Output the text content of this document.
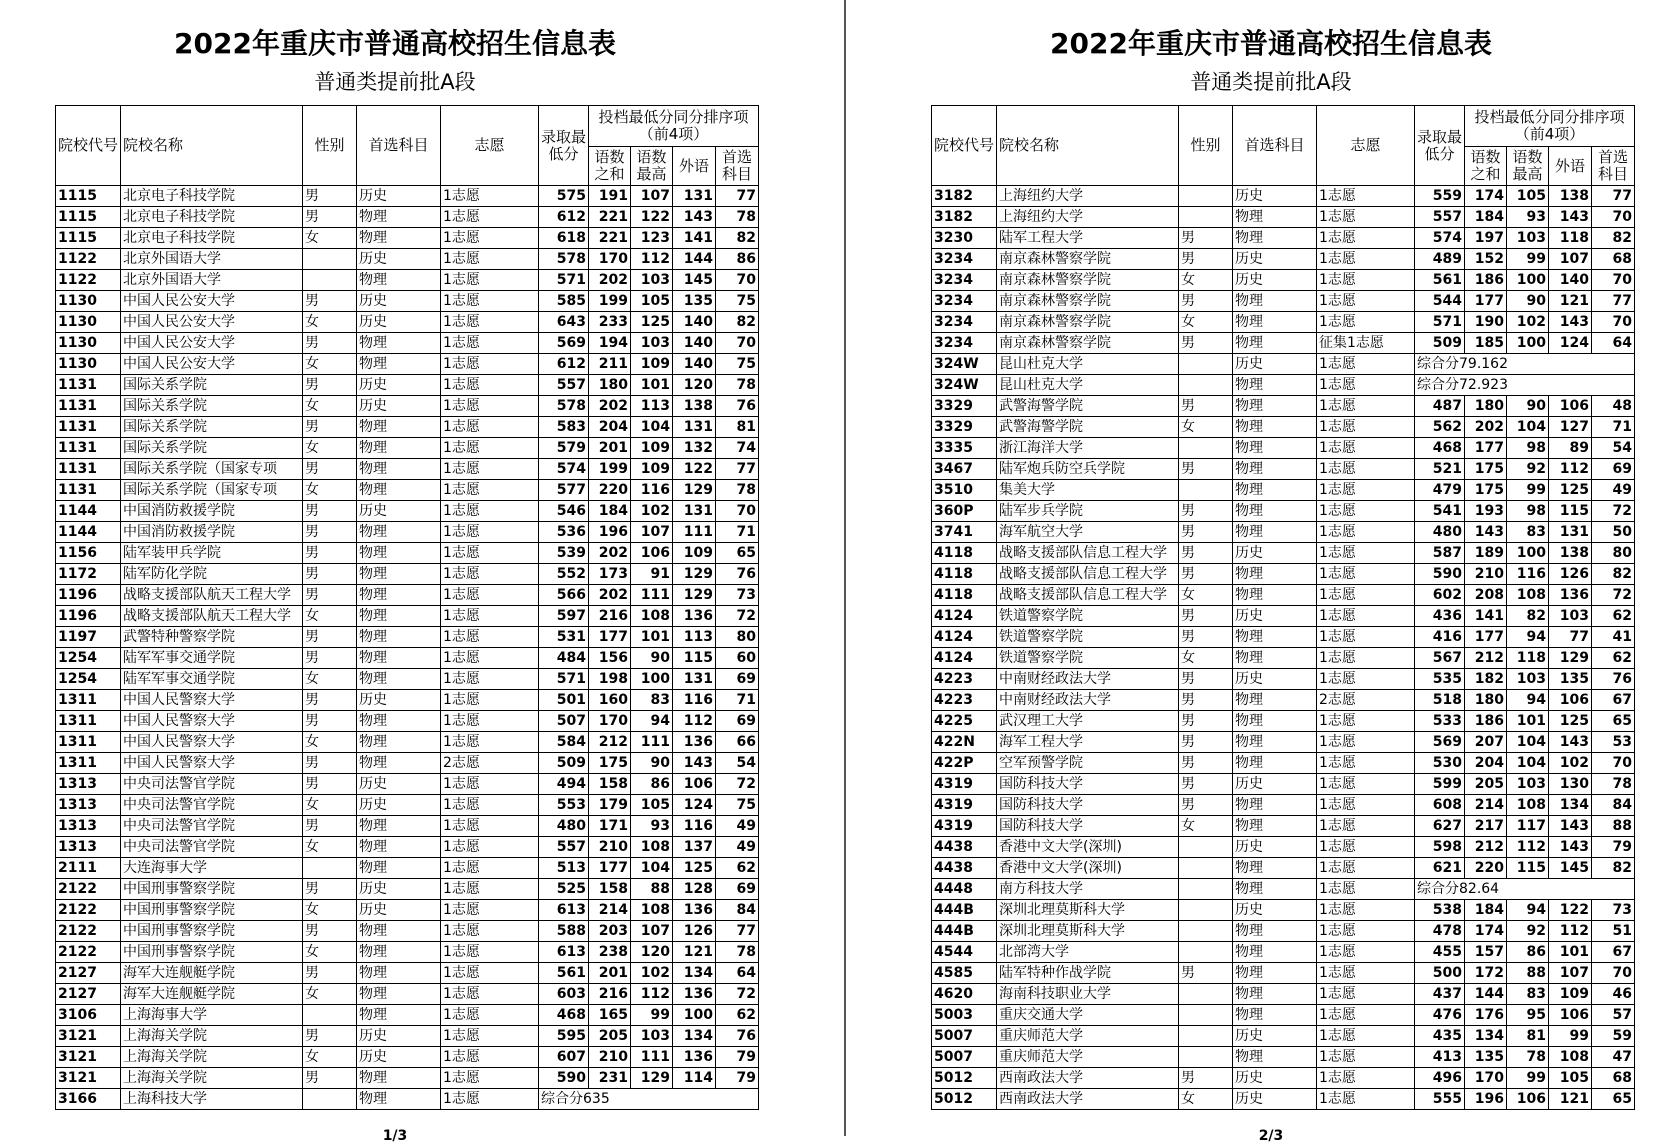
2022年重庆市普通高校招生信息表
普通类提前批A段
院校代号	院校名称	性别	首选科目	志愿	录取最低分	投档最低分同分排序项（前4项）			
						语数之和	语数最高	外语	首选科目
1115	北京电子科技学院	男	历史	1志愿	575	191	107	131	77
1115	北京电子科技学院	男	物理	1志愿	612	221	122	143	78
1115	北京电子科技学院	女	物理	1志愿	618	221	123	141	82
1122	北京外国语大学		历史	1志愿	578	170	112	144	86
1122	北京外国语大学		物理	1志愿	571	202	103	145	70
1130	中国人民公安大学	男	历史	1志愿	585	199	105	135	75
1130	中国人民公安大学	女	历史	1志愿	643	233	125	140	82
1130	中国人民公安大学	男	物理	1志愿	569	194	103	140	70
1130	中国人民公安大学	女	物理	1志愿	612	211	109	140	75
1131	国际关系学院	男	历史	1志愿	557	180	101	120	78
1131	国际关系学院	女	历史	1志愿	578	202	113	138	76
1131	国际关系学院	男	物理	1志愿	583	204	104	131	81
1131	国际关系学院	女	物理	1志愿	579	201	109	132	74
1131	国际关系学院（国家专项	男	物理	1志愿	574	199	109	122	77
1131	国际关系学院（国家专项	女	物理	1志愿	577	220	116	129	78
1144	中国消防救援学院	男	历史	1志愿	546	184	102	131	70
1144	中国消防救援学院	男	物理	1志愿	536	196	107	111	71
1156	陆军装甲兵学院	男	物理	1志愿	539	202	106	109	65
1172	陆军防化学院	男	物理	1志愿	552	173	91	129	76
1196	战略支援部队航天工程大学	男	物理	1志愿	566	202	111	129	73
1196	战略支援部队航天工程大学	女	物理	1志愿	597	216	108	136	72
1197	武警特种警察学院	男	物理	1志愿	531	177	101	113	80
1254	陆军军事交通学院	男	物理	1志愿	484	156	90	115	60
1254	陆军军事交通学院	女	物理	1志愿	571	198	100	131	69
1311	中国人民警察大学	男	历史	1志愿	501	160	83	116	71
1311	中国人民警察大学	男	物理	1志愿	507	170	94	112	69
1311	中国人民警察大学	女	物理	1志愿	584	212	111	136	66
1311	中国人民警察大学	男	物理	2志愿	509	175	90	143	54
1313	中央司法警官学院	男	历史	1志愿	494	158	86	106	72
1313	中央司法警官学院	女	历史	1志愿	553	179	105	124	75
1313	中央司法警官学院	男	物理	1志愿	480	171	93	116	49
1313	中央司法警官学院	女	物理	1志愿	557	210	108	137	49
2111	大连海事大学		物理	1志愿	513	177	104	125	62
2122	中国刑事警察学院	男	历史	1志愿	525	158	88	128	69
2122	中国刑事警察学院	女	历史	1志愿	613	214	108	136	84
2122	中国刑事警察学院	男	物理	1志愿	588	203	107	126	77
2122	中国刑事警察学院	女	物理	1志愿	613	238	120	121	78
2127	海军大连舰艇学院	男	物理	1志愿	561	201	102	134	64
2127	海军大连舰艇学院	女	物理	1志愿	603	216	112	136	72
3106	上海海事大学		物理	1志愿	468	165	99	100	62
3121	上海海关学院	男	历史	1志愿	595	205	103	134	76
3121	上海海关学院	女	历史	1志愿	607	210	111	136	79
3121	上海海关学院	男	物理	1志愿	590	231	129	114	79
3166	上海科技大学		物理	1志愿	综合分635				
1/3
2022年重庆市普通高校招生信息表
普通类提前批A段
院校代号	院校名称	性别	首选科目	志愿	录取最低分	投档最低分同分排序项（前4项）			
						语数之和	语数最高	外语	首选科目
3182	上海纽约大学		历史	1志愿	559	174	105	138	77
3182	上海纽约大学		物理	1志愿	557	184	93	143	70
3230	陆军工程大学	男	物理	1志愿	574	197	103	118	82
3234	南京森林警察学院	男	历史	1志愿	489	152	99	107	68
3234	南京森林警察学院	女	历史	1志愿	561	186	100	140	70
3234	南京森林警察学院	男	物理	1志愿	544	177	90	121	77
3234	南京森林警察学院	女	物理	1志愿	571	190	102	143	70
3234	南京森林警察学院	男	物理	征集1志愿	509	185	100	124	64
324W	昆山杜克大学		历史	1志愿	综合分79.162				
324W	昆山杜克大学		物理	1志愿	综合分72.923				
3329	武警海警学院	男	物理	1志愿	487	180	90	106	48
3329	武警海警学院	女	物理	1志愿	562	202	104	127	71
3335	浙江海洋大学		物理	1志愿	468	177	98	89	54
3467	陆军炮兵防空兵学院	男	物理	1志愿	521	175	92	112	69
3510	集美大学		物理	1志愿	479	175	99	125	49
360P	陆军步兵学院	男	物理	1志愿	541	193	98	115	72
3741	海军航空大学	男	物理	1志愿	480	143	83	131	50
4118	战略支援部队信息工程大学	男	历史	1志愿	587	189	100	138	80
4118	战略支援部队信息工程大学	男	物理	1志愿	590	210	116	126	82
4118	战略支援部队信息工程大学	女	物理	1志愿	602	208	108	136	72
4124	铁道警察学院	男	历史	1志愿	436	141	82	103	62
4124	铁道警察学院	男	物理	1志愿	416	177	94	77	41
4124	铁道警察学院	女	物理	1志愿	567	212	118	129	62
4223	中南财经政法大学	男	历史	1志愿	535	182	103	135	76
4223	中南财经政法大学	男	物理	2志愿	518	180	94	106	67
4225	武汉理工大学	男	物理	1志愿	533	186	101	125	65
422N	海军工程大学	男	物理	1志愿	569	207	104	143	53
422P	空军预警学院	男	物理	1志愿	530	204	104	102	70
4319	国防科技大学	男	历史	1志愿	599	205	103	130	78
4319	国防科技大学	男	物理	1志愿	608	214	108	134	84
4319	国防科技大学	女	物理	1志愿	627	217	117	143	88
4438	香港中文大学(深圳)		历史	1志愿	598	212	112	143	79
4438	香港中文大学(深圳)		物理	1志愿	621	220	115	145	82
4448	南方科技大学		物理	1志愿	综合分82.64				
444B	深圳北理莫斯科大学		历史	1志愿	538	184	94	122	73
444B	深圳北理莫斯科大学		物理	1志愿	478	174	92	112	51
4544	北部湾大学		物理	1志愿	455	157	86	101	67
4585	陆军特种作战学院	男	物理	1志愿	500	172	88	107	70
4620	海南科技职业大学		物理	1志愿	437	144	83	109	46
5003	重庆交通大学		物理	1志愿	476	176	95	106	57
5007	重庆师范大学		历史	1志愿	435	134	81	99	59
5007	重庆师范大学		物理	1志愿	413	135	78	108	47
5012	西南政法大学	男	历史	1志愿	496	170	99	105	68
5012	西南政法大学	女	历史	1志愿	555	196	106	121	65
2/3
